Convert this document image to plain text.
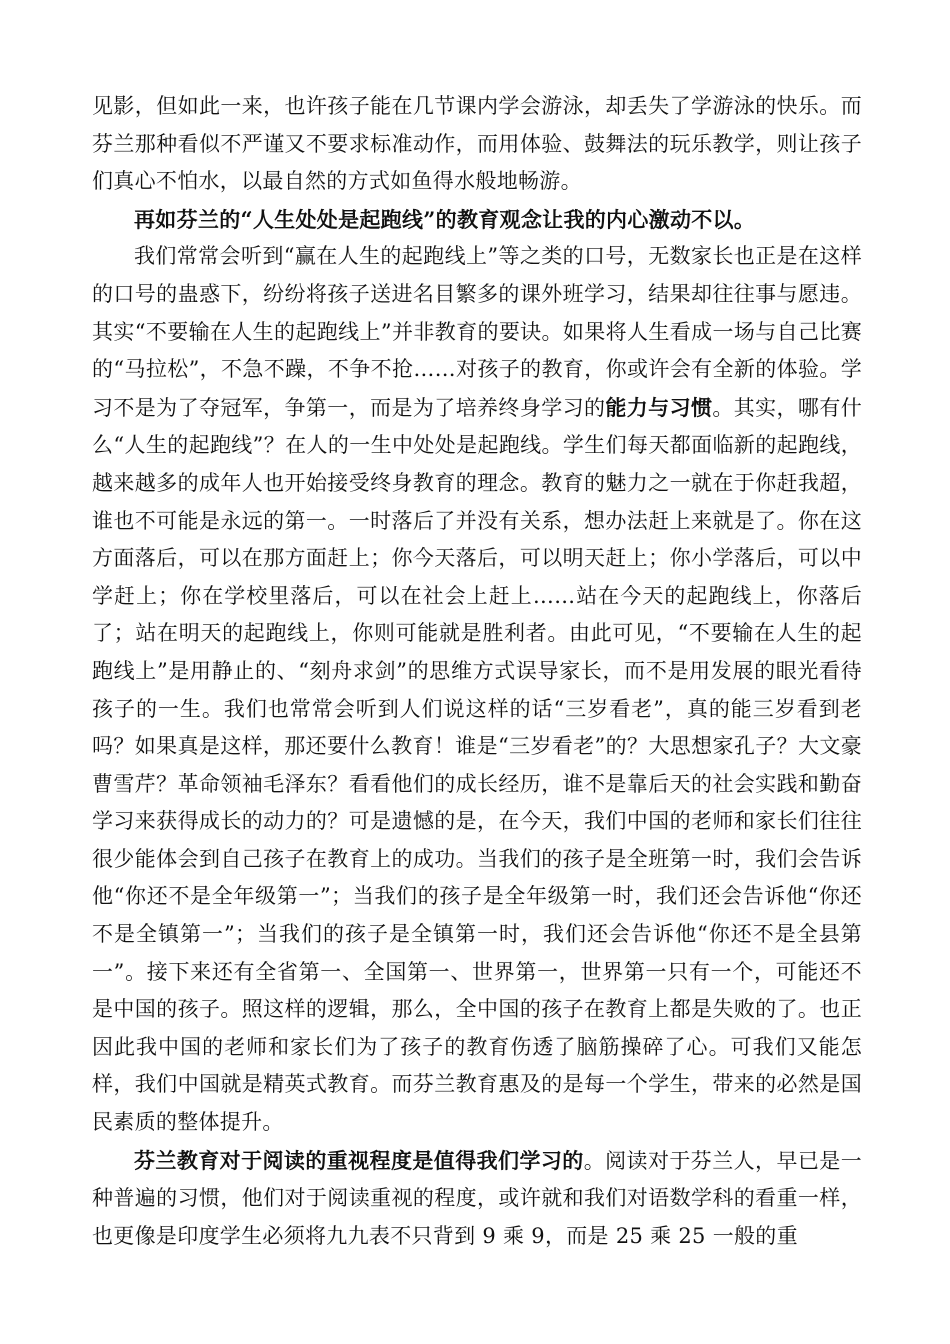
见影，但如此一来，也许孩子能在几节课内学会游泳，却丢失了学游泳的快乐。而芬兰那种看似不严谨又不要求标准动作，而用体验、鼓舞法的玩乐教学，则让孩子们真心不怕水，以最自然的方式如鱼得水般地畅游。

再如芬兰的“人生处处是起跑线”的教育观念让我的内心激动不以。

我们常常会听到“赢在人生的起跑线上”等之类的口号，无数家长也正是在这样的口号的蛊惑下，纷纷将孩子送进名目繁多的课外班学习，结果却往往事与愿违。其实“不要输在人生的起跑线上”并非教育的要诀。如果将人生看成一场与自己比赛的“马拉松”，不急不躁，不争不抢……对孩子的教育，你或许会有全新的体验。学习不是为了夺冠军，争第一，而是为了培养终身学习的能力与习惯。其实，哪有什么“人生的起跑线”？在人的一生中处处是起跑线。学生们每天都面临新的起跑线，越来越多的成年人也开始接受终身教育的理念。教育的魅力之一就在于你赶我超，谁也不可能是永远的第一。一时落后了并没有关系，想办法赶上来就是了。你在这方面落后，可以在那方面赶上；你今天落后，可以明天赶上；你小学落后，可以中学赶上；你在学校里落后，可以在社会上赶上……站在今天的起跑线上，你落后了；站在明天的起跑线上，你则可能就是胜利者。由此可见，“不要输在人生的起跑线上”是用静止的、“刻舟求剑”的思维方式误导家长，而不是用发展的眼光看待孩子的一生。我们也常常会听到人们说这样的话“三岁看老”，真的能三岁看到老吗？如果真是这样，那还要什么教育！谁是“三岁看老”的？大思想家孔子？大文豪曹雪芹？革命领袖毛泽东？看看他们的成长经历，谁不是靠后天的社会实践和勤奋学习来获得成长的动力的？可是遗憾的是，在今天，我们中国的老师和家长们往往很少能体会到自己孩子在教育上的成功。当我们的孩子是全班第一时，我们会告诉他“你还不是全年级第一”；当我们的孩子是全年级第一时，我们还会告诉他“你还不是全镇第一”；当我们的孩子是全镇第一时，我们还会告诉他“你还不是全县第一”。接下来还有全省第一、全国第一、世界第一，世界第一只有一个，可能还不是中国的孩子。照这样的逻辑，那么，全中国的孩子在教育上都是失败的了。也正因此我中国的老师和家长们为了孩子的教育伤透了脑筋操碎了心。可我们又能怎样，我们中国就是精英式教育。而芬兰教育惠及的是每一个学生，带来的必然是国民素质的整体提升。

芬兰教育对于阅读的重视程度是值得我们学习的。阅读对于芬兰人，早已是一种普遍的习惯，他们对于阅读重视的程度，或许就和我们对语数学科的看重一样，也更像是印度学生必须将九九表不只背到 9 乘 9，而是 25 乘 25 一般的重
